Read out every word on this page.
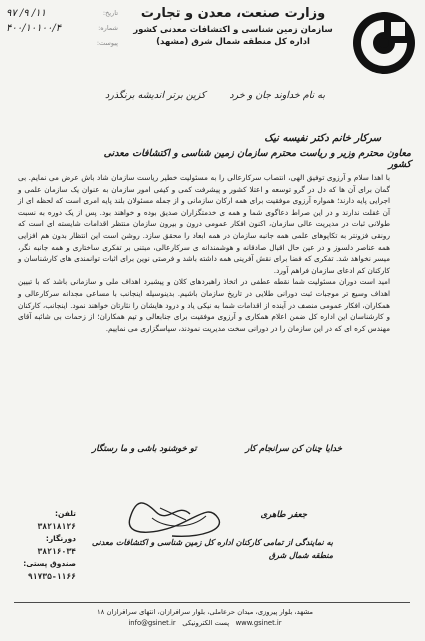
تاریخ:
۹۷ /۹ /۱۱
شماره:
۴۰۰/۱۰۱۰۰/۴
پیوست:
وزارت صنعت، معدن و تجارت
سازمان زمین شناسی و اکتشافات معدنی کشور
اداره کل منطقه شمال شرق (مشهد)
به نام خداوند جان و خرد
کزین برتر اندیشه برنگذرد
سرکار خانم دکتر نفیسه نیک
معاون محترم وزیر و ریاست محترم سازمان زمین شناسی و اکتشافات معدنی کشور

با اهدا سلام و آرزوی توفیق الهی، انتصاب سرکارعالی را به مسئولیت خطیر ریاست سازمان شاد باش عرض می نمایم. بی گمان برای آن ها که دل در گرو توسعه و اعتلا کشور و پیشرفت کمی و کیفی امور سازمان به عنوان یک سازمان علمی و اجرایی پایه دارند؛ همواره آرزوی موفقیت برای همه ارکان سازمانی و از جمله مسئولان بلند پایه امری است که لحظه ای از آن غفلت ندارند و در این صراط دعاگوی شما و همه ی خدمتگزاران صدیق بوده و خواهند بود. پس از یک دوره به نسبت طولانی ثبات در مدیریت عالی سازمان، اکنون افکار عمومی درون و بیرون سازمان منتظر اقدامات شایسته ای است که رونقی فزونتر به تکاپوهای علمی همه جانبه سازمان در همه ابعاد را محقق سازد. روشن است این انتظار بدون هم افزایی همه عناصر دلسوز و در عین حال اقبال صادقانه و هوشمندانه ی سرکارعالی، مبتنی بر تفکری ساختاری و همه جانبه نگر، میسر نخواهد شد. تفکری که فضا برای نقش آفرینی همه داشته باشد و فرصتی نوین برای اثبات توانمندی های کارشناسان و کارکنان کم ادعای سازمان فراهم آورد.

امید است دوران مسئولیت شما نقطه عطفی در اتخاذ راهبردهای کلان و پیشبرد اهداف ملی و سازمانی باشد که با تبیین اهداف وسیع تر موجبات ثبت دورانی طلایی در تاریخ سازمان باشیم. بدینوسیله اینجانب با مساعی مجدانه سرکارعالی و همکاران، افکار عمومی منصف در آینده از اقدامات شما به نیکی یاد و درود هایشان را نثارتان خواهند نمود. اینجانب، کارکنان و کارشناسان این اداره کل ضمن اعلام همکاری و آرزوی موفقیت برای جنابعالی و تیم همکاران؛ از زحمات بی شائبه آقای مهندس کره ای که در این سازمان را در دورانی سخت مدیریت نمودند، سپاسگزاری می نماییم.

خدایا چنان کن سرانجام کار
تو خوشنود باشی و ما رستگار
جعفر طاهری
به نمایندگی از تمامی کارکنان اداره کل زمین شناسی و اکتشافات معدنی منطقه شمال شرق
تلفن:
۳۸۲۱۸۱۲۶
دورنگار:
۳۸۲۱۶۰۳۴
صندوق پستی:
۹۱۷۳۵-۱۱۶۶
مشهد، بلوار پیروزی، میدان حرعاملی، بلوار سرافرازان، انتهای سرافرازان ۱۸
www.gsinet.ir   پست الکترونیکی   info@gsinet.ir
